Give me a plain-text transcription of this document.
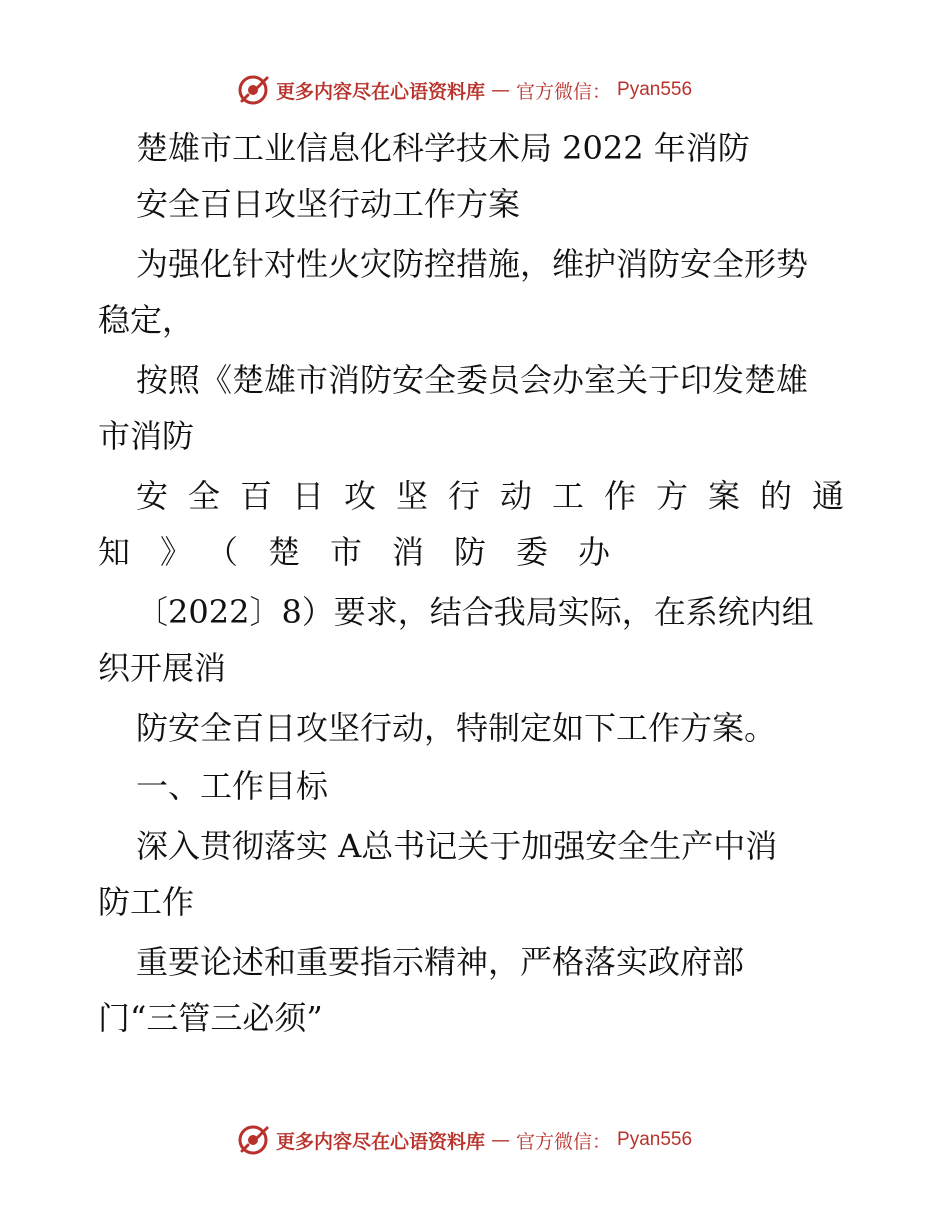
更多内容尽在心语资料库 — 官方微信： Pyan556
楚雄市工业信息化科学技术局 2022 年消防
安全百日攻坚行动工作方案
为强化针对性火灾防控措施，维护消防安全形势
稳定，
按照《楚雄市消防安全委员会办室关于印发楚雄
市消防
安全百日攻坚行动工作方案的通
知》（楚市消防委办
〔2022〕8）要求，结合我局实际，在系统内组
织开展消
防安全百日攻坚行动，特制定如下工作方案。
一、工作目标
深入贯彻落实 A总书记关于加强安全生产中消
防工作
重要论述和重要指示精神，严格落实政府部
门“三管三必须”
更多内容尽在心语资料库 — 官方微信： Pyan556
